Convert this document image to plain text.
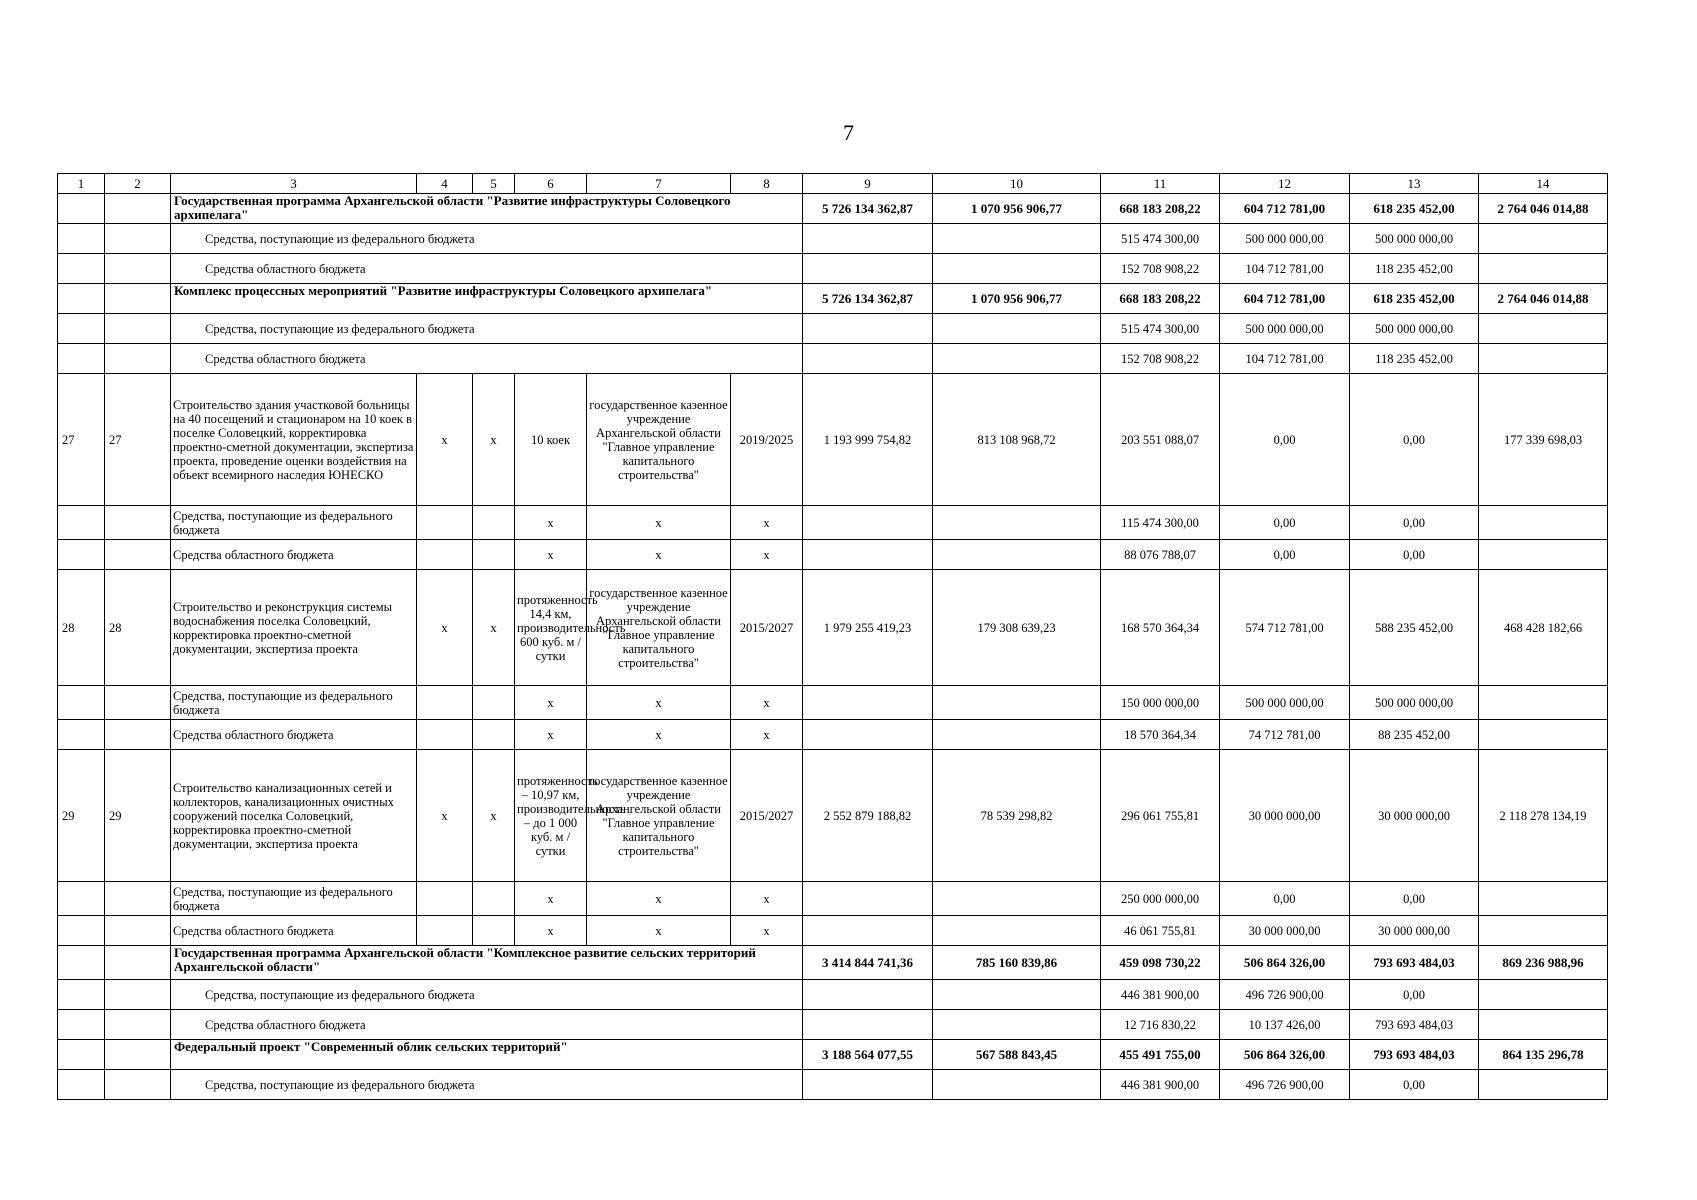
7
1	2	3	4	5	6	7	8	9	10	11	12	13	14
		Государственная программа Архангельской области "Развитие инфраструктуры Соловецкого архипелага"						5 726 134 362,87	1 070 956 906,77	668 183 208,22	604 712 781,00	618 235 452,00	2 764 046 014,88
		Средства, поступающие из федерального бюджета								515 474 300,00	500 000 000,00	500 000 000,00	
		Средства областного бюджета								152 708 908,22	104 712 781,00	118 235 452,00	
		Комплекс процессных мероприятий "Развитие инфраструктуры Соловецкого архипелага"						5 726 134 362,87	1 070 956 906,77	668 183 208,22	604 712 781,00	618 235 452,00	2 764 046 014,88
		Средства, поступающие из федерального бюджета								515 474 300,00	500 000 000,00	500 000 000,00	
		Средства областного бюджета								152 708 908,22	104 712 781,00	118 235 452,00	
27	27	Строительство здания участковой больницы на 40 посещений и стационаром на 10 коек в поселке Соловецкий, корректировка проектно-сметной документации, экспертиза проекта, проведение оценки воздействия на объект всемирного наследия ЮНЕСКО	x	x	10 коек	государственное казенное учреждение Архангельской области "Главное управление капитального строительства"	2019/2025	1 193 999 754,82	813 108 968,72	203 551 088,07	0,00	0,00	177 339 698,03
		Средства, поступающие из федерального бюджета			x	x	x			115 474 300,00	0,00	0,00	
		Средства областного бюджета			x	x	x			88 076 788,07	0,00	0,00	
28	28	Строительство и реконструкция системы водоснабжения поселка Соловецкий, корректировка проектно-сметной документации, экспертиза проекта	x	x	протяженность 14,4 км, производительность 600 куб. м / сутки	государственное казенное учреждение Архангельской области "Главное управление капитального строительства"	2015/2027	1 979 255 419,23	179 308 639,23	168 570 364,34	574 712 781,00	588 235 452,00	468 428 182,66
		Средства, поступающие из федерального бюджета			x	x	x			150 000 000,00	500 000 000,00	500 000 000,00	
		Средства областного бюджета			x	x	x			18 570 364,34	74 712 781,00	88 235 452,00	
29	29	Строительство канализационных сетей и коллекторов, канализационных очистных сооружений поселка Соловецкий, корректировка проектно-сметной документации, экспертиза проекта	x	x	протяженность – 10,97 км, производительность – до 1 000 куб. м / сутки	государственное казенное учреждение Архангельской области "Главное управление капитального строительства"	2015/2027	2 552 879 188,82	78 539 298,82	296 061 755,81	30 000 000,00	30 000 000,00	2 118 278 134,19
		Средства, поступающие из федерального бюджета			x	x	x			250 000 000,00	0,00	0,00	
		Средства областного бюджета			x	x	x			46 061 755,81	30 000 000,00	30 000 000,00	
		Государственная программа Архангельской области "Комплексное развитие сельских территорий Архангельской области"						3 414 844 741,36	785 160 839,86	459 098 730,22	506 864 326,00	793 693 484,03	869 236 988,96
		Средства, поступающие из федерального бюджета								446 381 900,00	496 726 900,00	0,00	
		Средства областного бюджета								12 716 830,22	10 137 426,00	793 693 484,03	
		Федеральный проект "Современный облик сельских территорий"						3 188 564 077,55	567 588 843,45	455 491 755,00	506 864 326,00	793 693 484,03	864 135 296,78
		Средства, поступающие из федерального бюджета								446 381 900,00	496 726 900,00	0,00	
